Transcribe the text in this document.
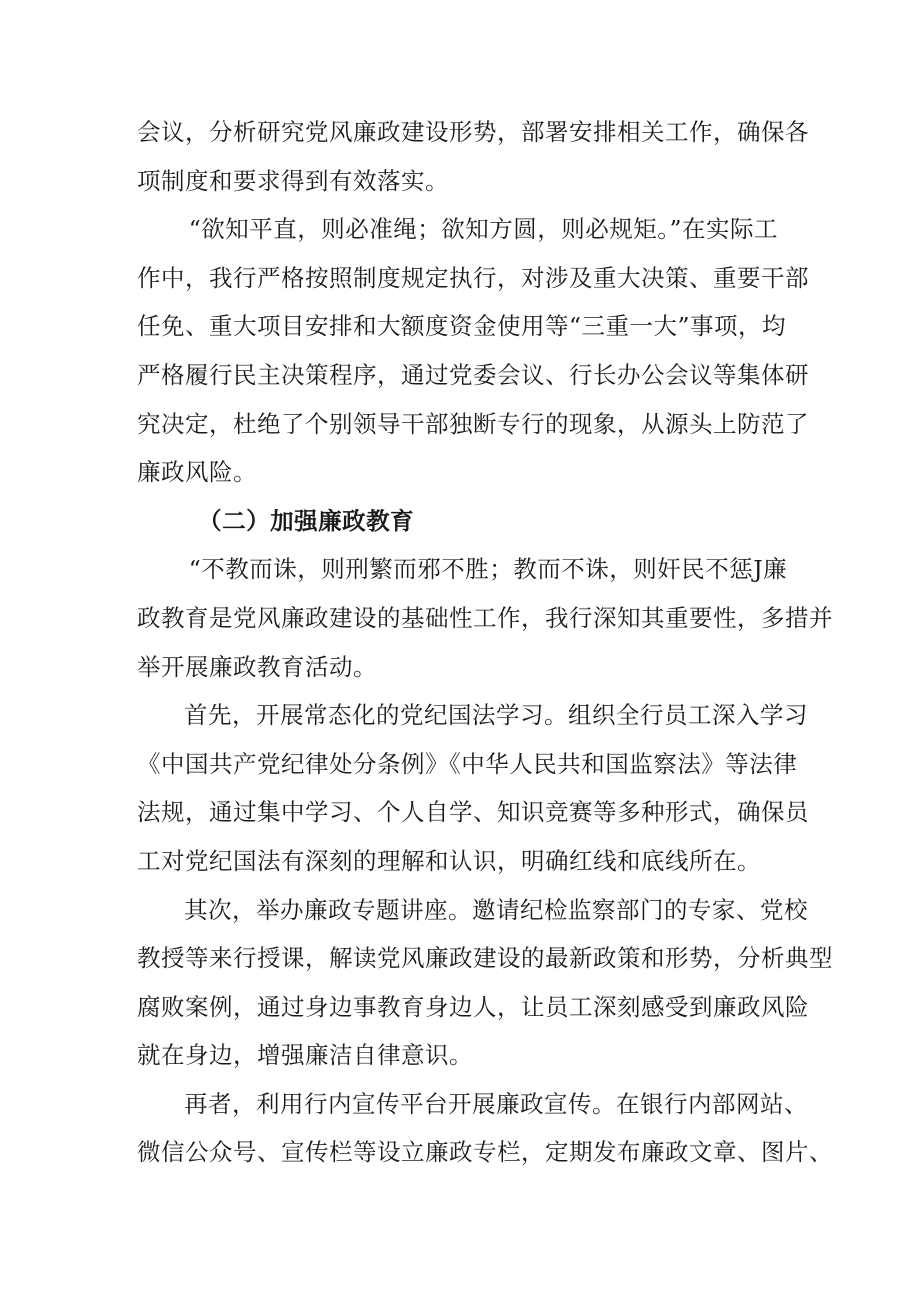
会议，分析研究党风廉政建设形势，部署安排相关工作，确保各
项制度和要求得到有效落实。

“欲知平直，则必准绳；欲知方圆，则必规矩。”在实际工
作中，我行严格按照制度规定执行，对涉及重大决策、重要干部
任免、重大项目安排和大额度资金使用等“三重一大”事项，均
严格履行民主决策程序，通过党委会议、行长办公会议等集体研
究决定，杜绝了个别领导干部独断专行的现象，从源头上防范了
廉政风险。

（二）加强廉政教育

“不教而诛，则刑繁而邪不胜；教而不诛，则奸民不惩J廉
政教育是党风廉政建设的基础性工作，我行深知其重要性，多措并
举开展廉政教育活动。

首先，开展常态化的党纪国法学习。组织全行员工深入学习
《中国共产党纪律处分条例》《中华人民共和国监察法》等法律
法规，通过集中学习、个人自学、知识竞赛等多种形式，确保员
工对党纪国法有深刻的理解和认识，明确红线和底线所在。

其次，举办廉政专题讲座。邀请纪检监察部门的专家、党校
教授等来行授课，解读党风廉政建设的最新政策和形势，分析典型
腐败案例，通过身边事教育身边人，让员工深刻感受到廉政风险
就在身边，增强廉洁自律意识。

再者，利用行内宣传平台开展廉政宣传。在银行内部网站、
微信公众号、宣传栏等设立廉政专栏，定期发布廉政文章、图片、
